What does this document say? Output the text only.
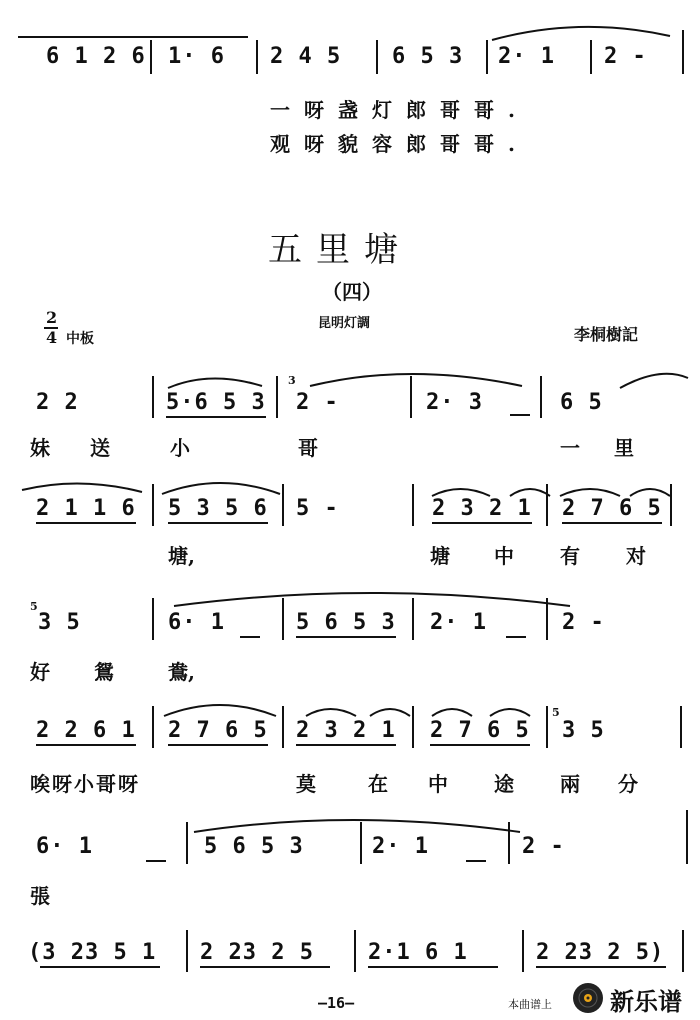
6 1 2 6 1· 6 2 4 5 6 5 3 2· 1 2 -
一呀盏灯郎哥哥.
观呀貌容郎哥哥.
五里塘
（四）
2
4 中板
昆明灯調
李桐樹記
2 2	5·6 5 3
3
2 -	2· 3	6 5
妹 送	小	哥	一 里
2 1 1 6 5 3 5 6 5 -	2 3 2 1 2 7 6 5
塘,	塘 中 有 对
5
3 5	6· 1	5 6 5 3 2· 1	2 -
好 鴛	鴦,
2 2 6 1 2 7 6 5 2 3 2 1 2 7 6 5
5
3 5
唉呀小哥呀	莫	在 中 途 兩 分
6· 1	5 6 5 3	2· 1	2 -
張
(3 23 5 1 2 23 2 5 2·1 6 1	2 23 2 5)
—16—	本曲谱上 新乐谱
